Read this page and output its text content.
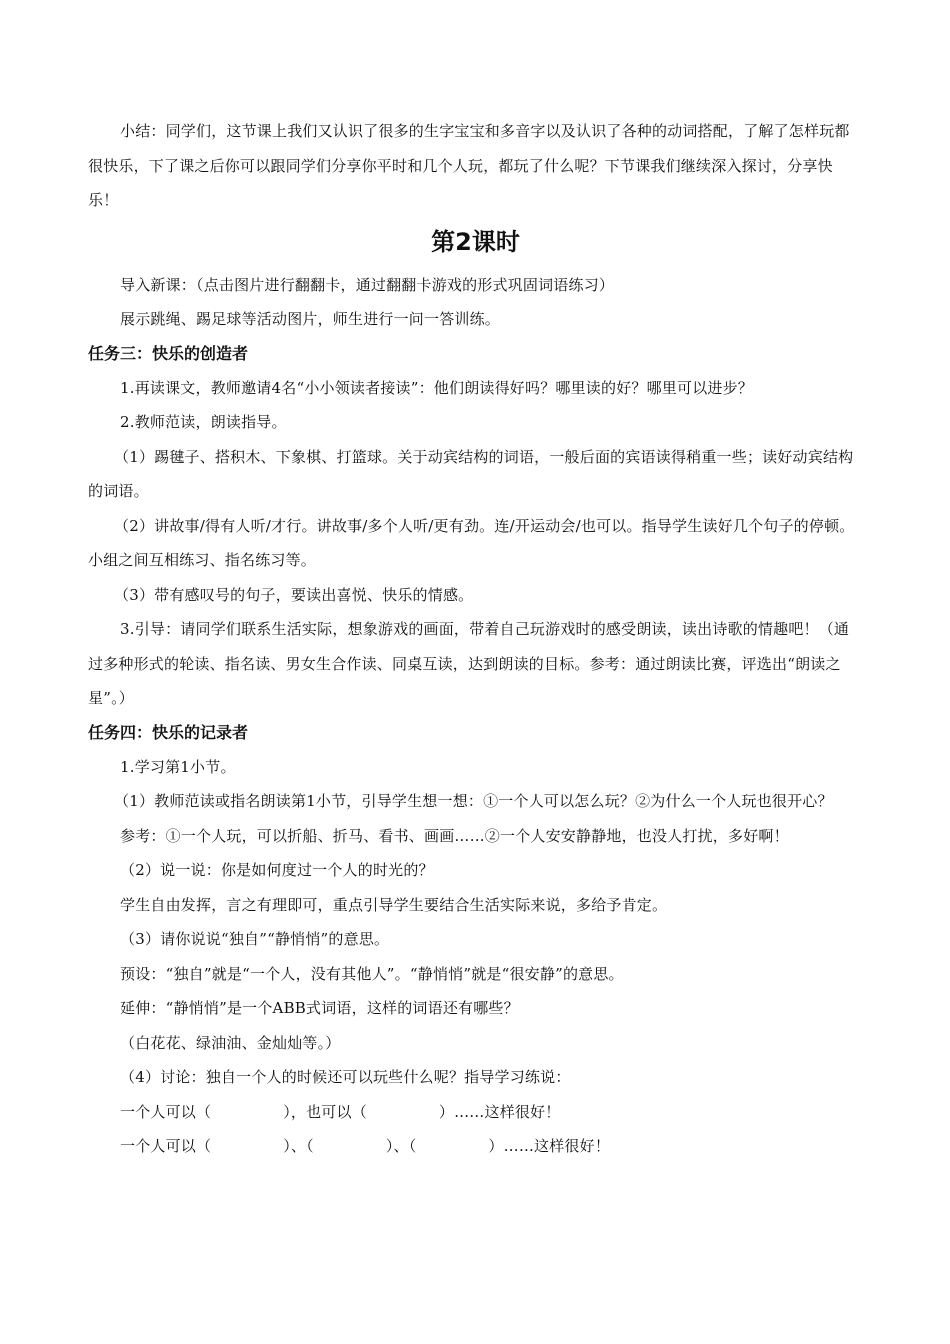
小结：同学们，这节课上我们又认识了很多的生字宝宝和多音字以及认识了各种的动词搭配，了解了怎样玩都很快乐，下了课之后你可以跟同学们分享你平时和几个人玩，都玩了什么呢？下节课我们继续深入探讨，分享快乐！

第2课时

导入新课：（点击图片进行翻翻卡，通过翻翻卡游戏的形式巩固词语练习）

展示跳绳、踢足球等活动图片，师生进行一问一答训练。

任务三：快乐的创造者

1.再读课文，教师邀请4名“小小领读者接读”：他们朗读得好吗？哪里读的好？哪里可以进步？

2.教师范读，朗读指导。

（1）踢毽子、搭积木、下象棋、打篮球。关于动宾结构的词语，一般后面的宾语读得稍重一些；读好动宾结构的词语。

（2）讲故事/得有人听/才行。讲故事/多个人听/更有劲。连/开运动会/也可以。指导学生读好几个句子的停顿。小组之间互相练习、指名练习等。

（3）带有感叹号的句子，要读出喜悦、快乐的情感。

3.引导：请同学们联系生活实际，想象游戏的画面，带着自己玩游戏时的感受朗读，读出诗歌的情趣吧！（通过多种形式的轮读、指名读、男女生合作读、同桌互读，达到朗读的目标。参考：通过朗读比赛，评选出“朗读之星”。）

任务四：快乐的记录者

1.学习第1小节。

（1）教师范读或指名朗读第1小节，引导学生想一想：①一个人可以怎么玩？②为什么一个人玩也很开心？

参考：①一个人玩，可以折船、折马、看书、画画……②一个人安安静静地，也没人打扰，多好啊！

（2）说一说：你是如何度过一个人的时光的？

学生自由发挥，言之有理即可，重点引导学生要结合生活实际来说，多给予肯定。

（3）请你说说“独自”“静悄悄”的意思。

预设：“独自”就是“一个人，没有其他人”。“静悄悄”就是“很安静”的意思。

延伸：“静悄悄”是一个ABB式词语，这样的词语还有哪些？

（白花花、绿油油、金灿灿等。）

（4）讨论：独自一个人的时候还可以玩些什么呢？指导学习练说：

一个人可以（	），也可以（	）……这样很好！

一个人可以（	）、（	）、（	）……这样很好！
